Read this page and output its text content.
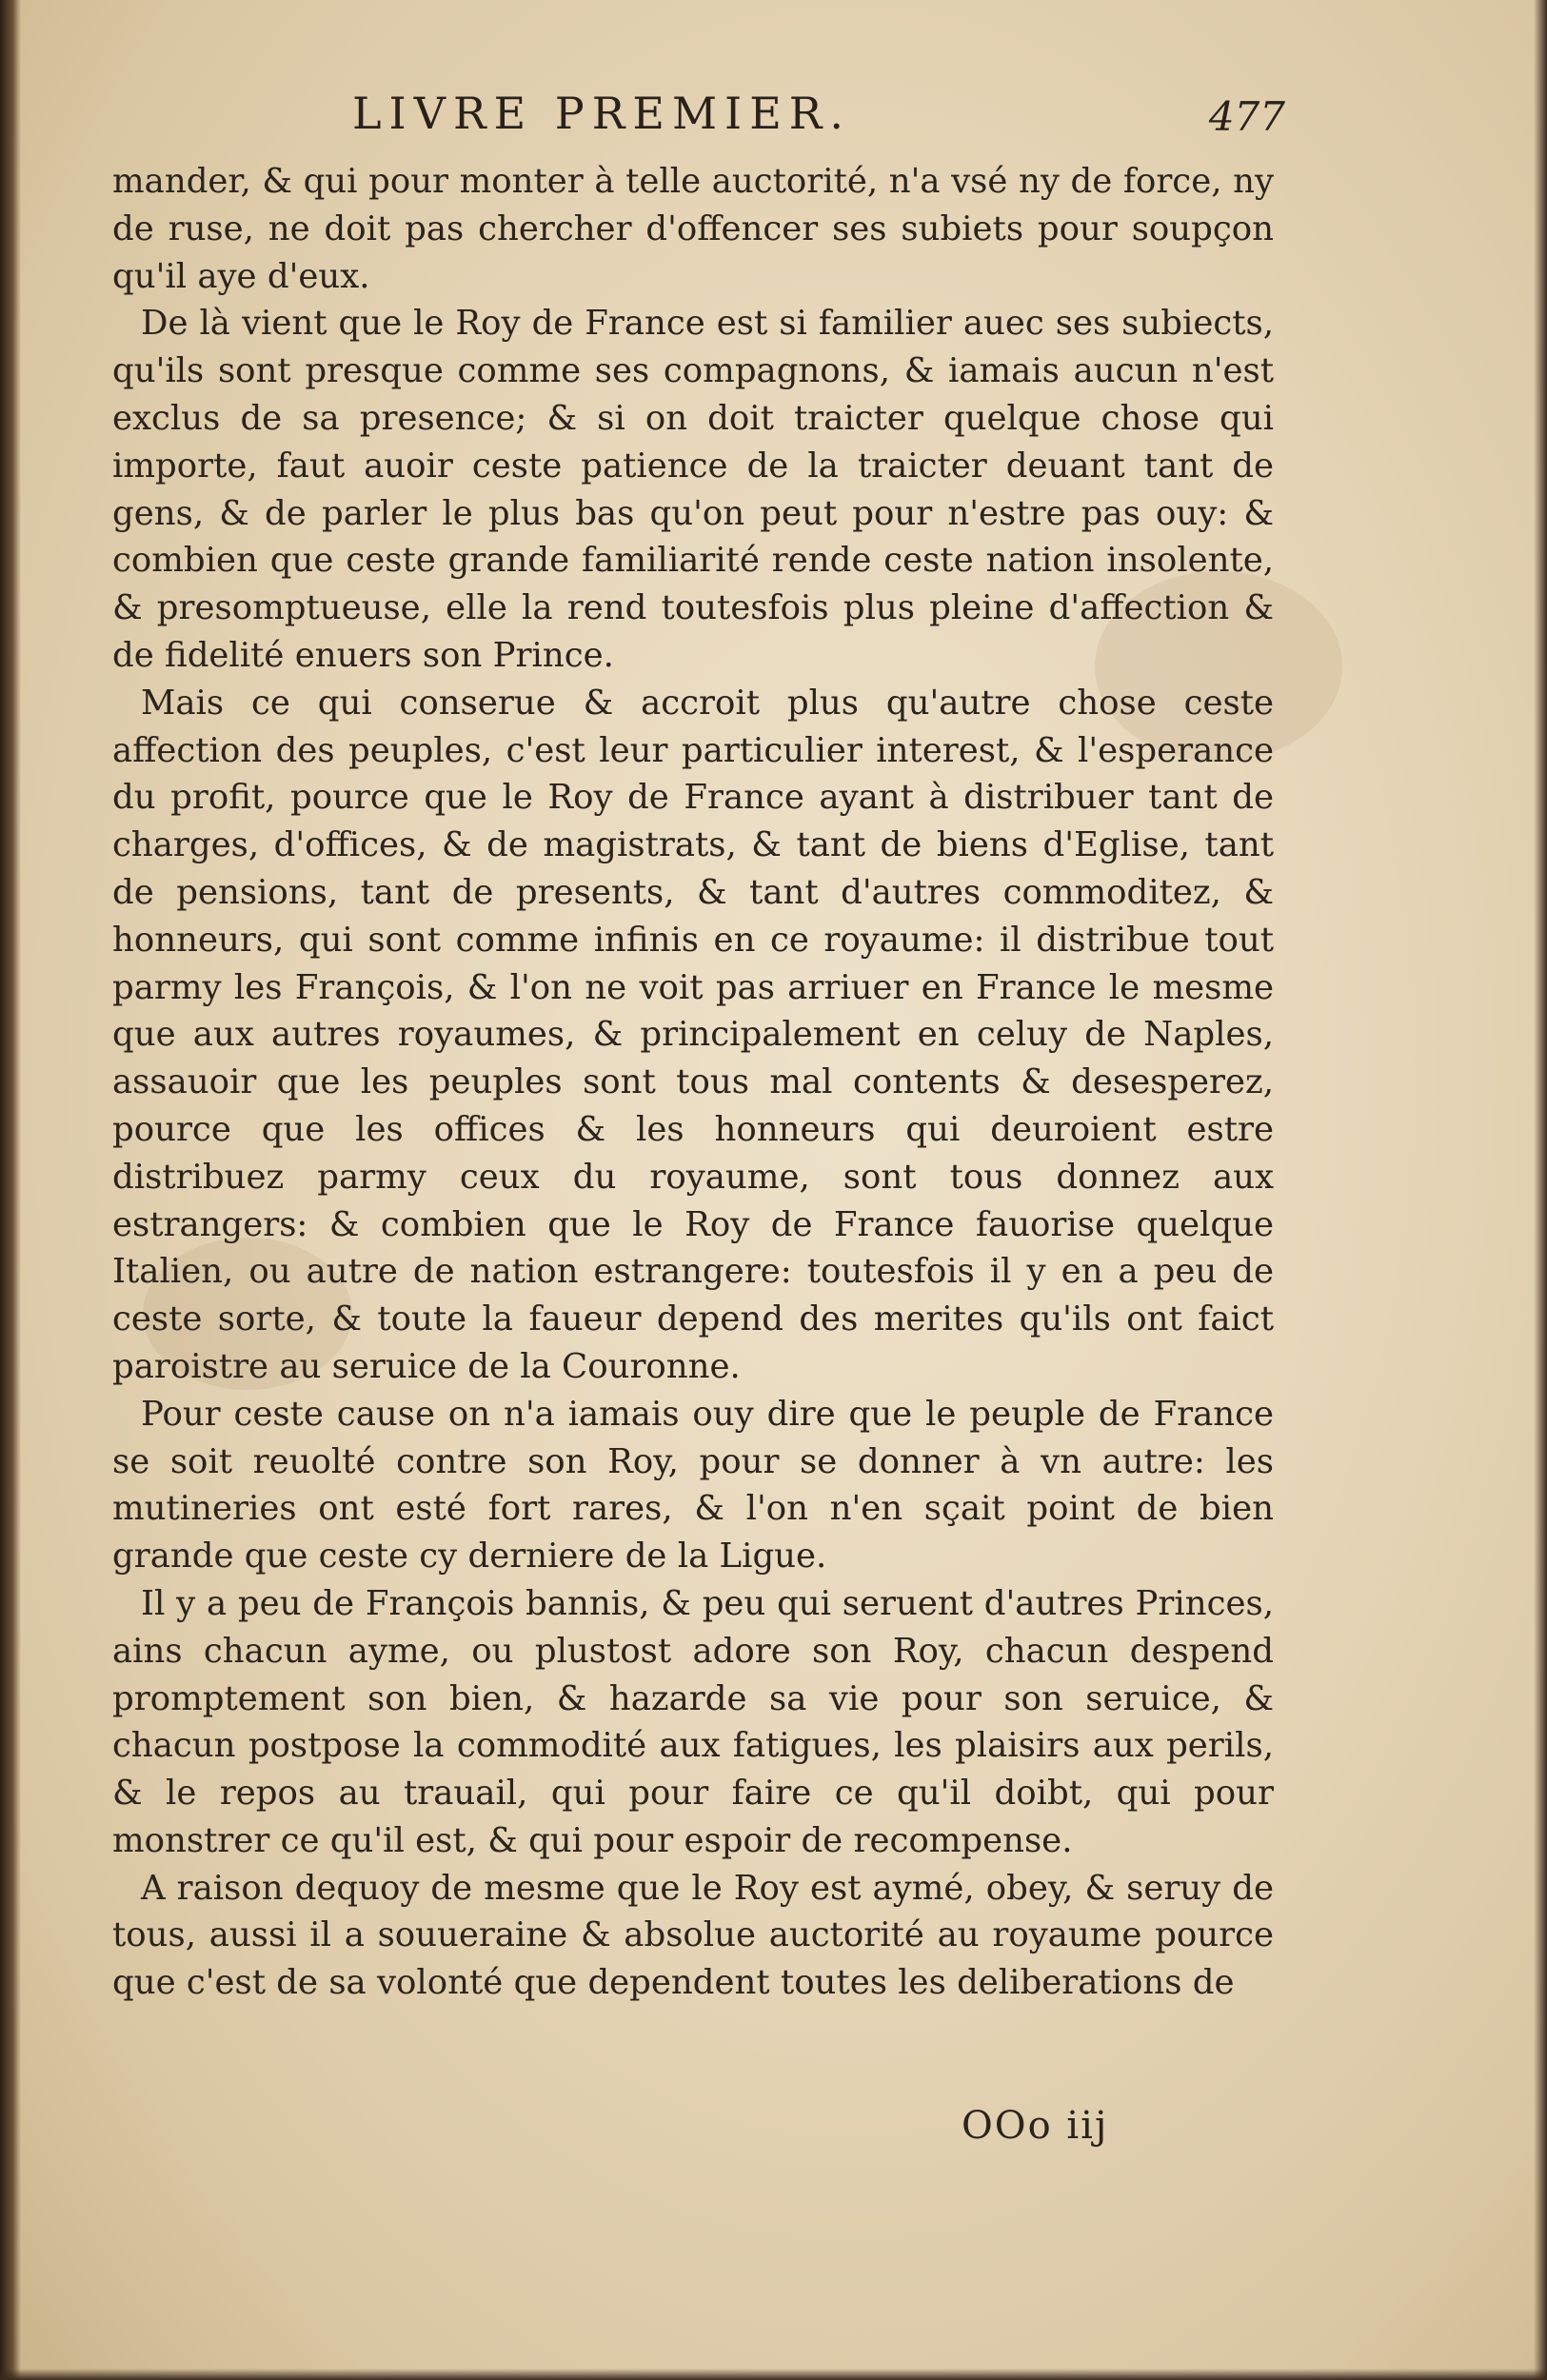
LIVRE PREMIER.	477

mander, & qui pour monter à telle auctorité, n'a vsé ny de force, ny de ruse, ne doit pas chercher d'offencer ses subiets pour soupçon qu'il aye d'eux.

De là vient que le Roy de France est si familier auec ses subiects, qu'ils sont presque comme ses compagnons, & iamais aucun n'est exclus de sa presence; & si on doit traicter quelque chose qui importe, faut auoir ceste patience de la traicter deuant tant de gens, & de parler le plus bas qu'on peut pour n'estre pas ouy: & combien que ceste grande familiarité rende ceste nation insolente, & presomptueuse, elle la rend toutesfois plus pleine d'affection & de fidelité enuers son Prince.

Mais ce qui conserue & accroit plus qu'autre chose ceste affection des peuples, c'est leur particulier interest, & l'esperance du profit, pource que le Roy de France ayant à distribuer tant de charges, d'offices, & de magistrats, & tant de biens d'Eglise, tant de pensions, tant de presents, & tant d'autres commoditez, & honneurs, qui sont comme infinis en ce royaume: il distribue tout parmy les François, & l'on ne voit pas arriuer en France le mesme que aux autres royaumes, & principalement en celuy de Naples, assauoir que les peuples sont tous mal contents & desesperez, pource que les offices & les honneurs qui deuroient estre distribuez parmy ceux du royaume, sont tous donnez aux estrangers: & combien que le Roy de France fauorise quelque Italien, ou autre de nation estrangere: toutesfois il y en a peu de ceste sorte, & toute la faueur depend des merites qu'ils ont faict paroistre au seruice de la Couronne.

Pour ceste cause on n'a iamais ouy dire que le peuple de France se soit reuolté contre son Roy, pour se donner à vn autre: les mutineries ont esté fort rares, & l'on n'en sçait point de bien grande que ceste cy derniere de la Ligue.

Il y a peu de François bannis, & peu qui seruent d'autres Princes, ains chacun ayme, ou plustost adore son Roy, chacun despend promptement son bien, & hazarde sa vie pour son seruice, & chacun postpose la commodité aux fatigues, les plaisirs aux perils, & le repos au trauail, qui pour faire ce qu'il doibt, qui pour monstrer ce qu'il est, & qui pour espoir de recompense.

A raison dequoy de mesme que le Roy est aymé, obey, & seruy de tous, aussi il a souueraine & absolue auctorité au royaume pource que c'est de sa volonté que dependent toutes les deliberations de

OOo iij
